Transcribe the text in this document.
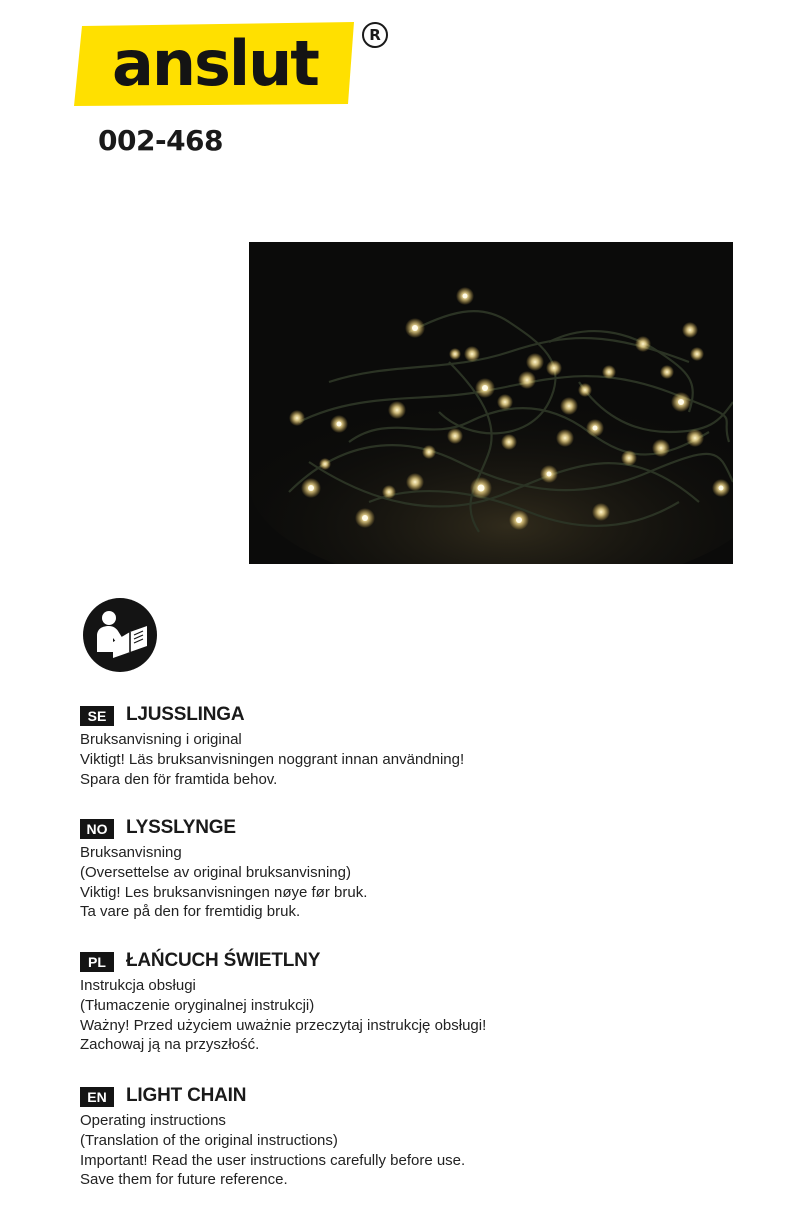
anslut	R
002-468
SE	LJUSSLINGA
Bruksanvisning i original
Viktigt! Läs bruksanvisningen noggrant innan användning!
Spara den för framtida behov.
NO LYSSLYNGE
Bruksanvisning
(Oversettelse av original bruksanvisning)
Viktig! Les bruksanvisningen nøye før bruk.
Ta vare på den for fremtidig bruk.
PL	ŁAŃCUCH ŚWIETLNY
Instrukcja obsługi
(Tłumaczenie oryginalnej instrukcji)
Ważny! Przed użyciem uważnie przeczytaj instrukcję obsługi!
Zachowaj ją na przyszłość.
EN	LIGHT CHAIN
Operating instructions
(Translation of the original instructions)
Important! Read the user instructions carefully before use.
Save them for future reference.
